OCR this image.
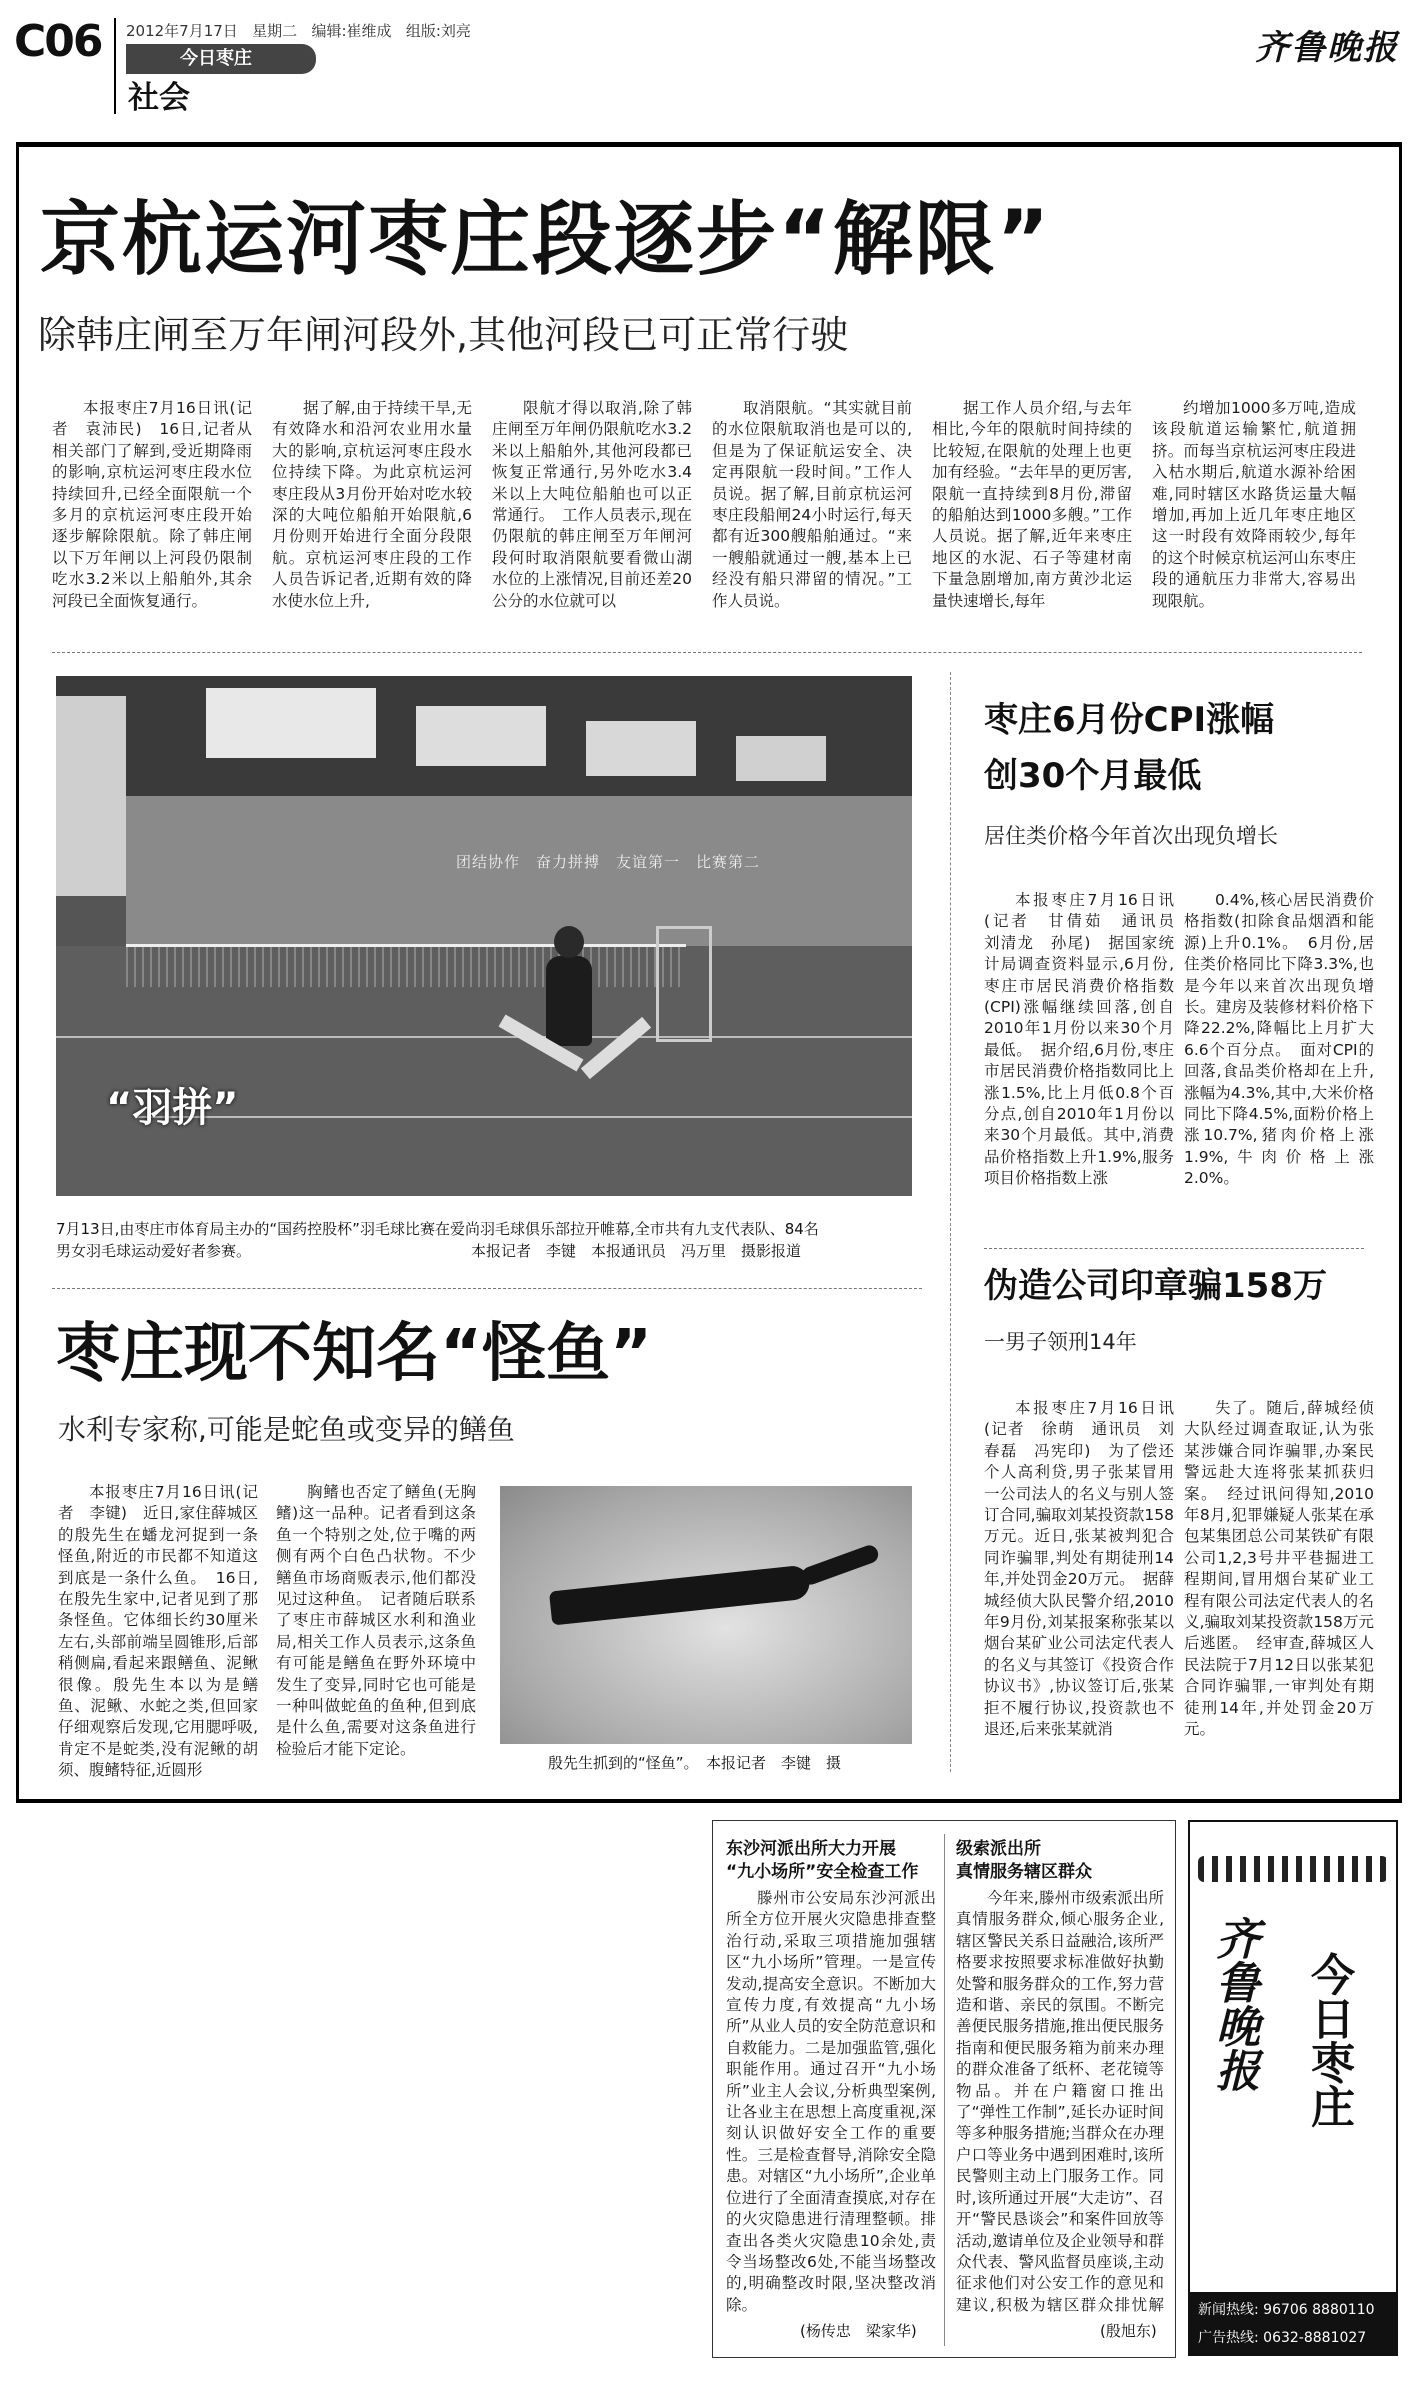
C06 2012年7月17日 星期二 编辑:崔维成 组版:刘亮
今日枣庄
社会
齐鲁晚报
京杭运河枣庄段逐步“解限”
除韩庄闸至万年闸河段外,其他河段已可正常行驶

本报枣庄7月16日讯(记者　袁沛民)　16日,记者从相关部门了解到,受近期降雨的影响,京杭运河枣庄段水位持续回升,已经全面限航一个多月的京杭运河枣庄段开始逐步解除限航。除了韩庄闸以下万年闸以上河段仍限制吃水3.2米以上船舶外,其余河段已全面恢复通行。

据了解,由于持续干旱,无有效降水和沿河农业用水量大的影响,京杭运河枣庄段水位持续下降。为此京杭运河枣庄段从3月份开始对吃水较深的大吨位船舶开始限航,6月份则开始进行全面分段限航。京杭运河枣庄段的工作人员告诉记者,近期有效的降水使水位上升,

限航才得以取消,除了韩庄闸至万年闸仍限航吃水3.2米以上船舶外,其他河段都已恢复正常通行,另外吃水3.4米以上大吨位船舶也可以正常通行。　工作人员表示,现在仍限航的韩庄闸至万年闸河段何时取消限航要看微山湖水位的上涨情况,目前还差20公分的水位就可以

取消限航。“其实就目前的水位限航取消也是可以的,但是为了保证航运安全、决定再限航一段时间。”工作人员说。据了解,目前京杭运河枣庄段船闸24小时运行,每天都有近300艘船舶通过。“来一艘船就通过一艘,基本上已经没有船只滞留的情况。”工作人员说。

据工作人员介绍,与去年相比,今年的限航时间持续的比较短,在限航的处理上也更加有经验。“去年旱的更厉害,限航一直持续到8月份,滞留的船舶达到1000多艘。”工作人员说。据了解,近年来枣庄地区的水泥、石子等建材南下量急剧增加,南方黄沙北运量快速增长,每年

约增加1000多万吨,造成该段航道运输繁忙,航道拥挤。而每当京杭运河枣庄段进入枯水期后,航道水源补给困难,同时辖区水路货运量大幅增加,再加上近几年枣庄地区这一时段有效降雨较少,每年的这个时候京杭运河山东枣庄段的通航压力非常大,容易出现限航。

团结协作　奋力拼搏　友谊第一　比赛第二
“羽拼”
7月13日,由枣庄市体育局主办的“国药控股杯”羽毛球比赛在爱尚羽毛球俱乐部拉开帷幕,全市共有九支代表队、84名
男女羽毛球运动爱好者参赛。	本报记者　李键　本报通讯员　冯万里　摄影报道
枣庄6月份CPI涨幅
创30个月最低
居住类价格今年首次出现负增长

本报枣庄7月16日讯(记者　甘倩茹　通讯员　刘清龙　孙尾)　据国家统计局调查资料显示,6月份,枣庄市居民消费价格指数(CPI)涨幅继续回落,创自2010年1月份以来30个月最低。　据介绍,6月份,枣庄市居民消费价格指数同比上涨1.5%,比上月低0.8个百分点,创自2010年1月份以来30个月最低。其中,消费品价格指数上升1.9%,服务项目价格指数上涨

0.4%,核心居民消费价格指数(扣除食品烟酒和能源)上升0.1%。　6月份,居住类价格同比下降3.3%,也是今年以来首次出现负增长。建房及装修材料价格下降22.2%,降幅比上月扩大6.6个百分点。　面对CPI的回落,食品类价格却在上升,涨幅为4.3%,其中,大米价格同比下降4.5%,面粉价格上涨10.7%,猪肉价格上涨1.9%,牛肉价格上涨2.0%。

伪造公司印章骗158万
一男子领刑14年

本报枣庄7月16日讯(记者　徐萌　通讯员　刘春磊　冯宪印)　为了偿还个人高利贷,男子张某冒用一公司法人的名义与别人签订合同,骗取刘某投资款158万元。近日,张某被判犯合同诈骗罪,判处有期徒刑14年,并处罚金20万元。　据薛城经侦大队民警介绍,2010年9月份,刘某报案称张某以烟台某矿业公司法定代表人的名义与其签订《投资合作协议书》,协议签订后,张某拒不履行协议,投资款也不退还,后来张某就消

失了。随后,薛城经侦大队经过调查取证,认为张某涉嫌合同诈骗罪,办案民警远赴大连将张某抓获归案。　经过讯问得知,2010年8月,犯罪嫌疑人张某在承包某集团总公司某铁矿有限公司1,2,3号井平巷掘进工程期间,冒用烟台某矿业工程有限公司法定代表人的名义,骗取刘某投资款158万元后逃匿。　经审查,薛城区人民法院于7月12日以张某犯合同诈骗罪,一审判处有期徒刑14年,并处罚金20万元。

枣庄现不知名“怪鱼”
水利专家称,可能是蛇鱼或变异的鳝鱼

本报枣庄7月16日讯(记者　李键)　近日,家住薛城区的殷先生在蟠龙河捉到一条怪鱼,附近的市民都不知道这到底是一条什么鱼。　16日,在殷先生家中,记者见到了那条怪鱼。它体细长约30厘米左右,头部前端呈圆锥形,后部稍侧扁,看起来跟鳝鱼、泥鳅很像。殷先生本以为是鳝鱼、泥鳅、水蛇之类,但回家仔细观察后发现,它用腮呼吸,肯定不是蛇类,没有泥鳅的胡须、腹鳍特征,近圆形

胸鳍也否定了鳝鱼(无胸鳍)这一品种。记者看到这条鱼一个特别之处,位于嘴的两侧有两个白色凸状物。不少鳝鱼市场商贩表示,他们都没见过这种鱼。　记者随后联系了枣庄市薛城区水利和渔业局,相关工作人员表示,这条鱼有可能是鳝鱼在野外环境中发生了变异,同时它也可能是一种叫做蛇鱼的鱼种,但到底是什么鱼,需要对这条鱼进行检验后才能下定论。

殷先生抓到的“怪鱼”。　本报记者　李键　摄
东沙河派出所大力开展
“九小场所”安全检查工作

滕州市公安局东沙河派出所全方位开展火灾隐患排查整治行动,采取三项措施加强辖区“九小场所”管理。一是宣传发动,提高安全意识。不断加大宣传力度,有效提高“九小场所”从业人员的安全防范意识和自救能力。二是加强监管,强化职能作用。通过召开“九小场所”业主人会议,分析典型案例,让各业主在思想上高度重视,深刻认识做好安全工作的重要性。三是检查督导,消除安全隐患。对辖区“九小场所”,企业单位进行了全面清查摸底,对存在的火灾隐患进行清理整顿。排查出各类火灾隐患10余处,责令当场整改6处,不能当场整改的,明确整改时限,坚决整改消除。

(杨传忠　梁家华)
级索派出所
真情服务辖区群众

今年来,滕州市级索派出所真情服务群众,倾心服务企业,辖区警民关系日益融洽,该所严格要求按照要求标准做好执勤处警和服务群众的工作,努力营造和谐、亲民的氛围。不断完善便民服务措施,推出便民服务指南和便民服务箱为前来办理的群众准备了纸杯、老花镜等物品。并在户籍窗口推出了“弹性工作制”,延长办证时间等多种服务措施;当群众在办理户口等业务中遇到困难时,该所民警则主动上门服务工作。同时,该所通过开展“大走访”、召开“警民恳谈会”和案件回放等活动,邀请单位及企业领导和群众代表、警风监督员座谈,主动征求他们对公安工作的意见和建议,积极为辖区群众排忧解

(殷旭东)
齐鲁晚报 今日枣庄
新闻热线: 96706 8880110
广告热线: 0632-8881027
